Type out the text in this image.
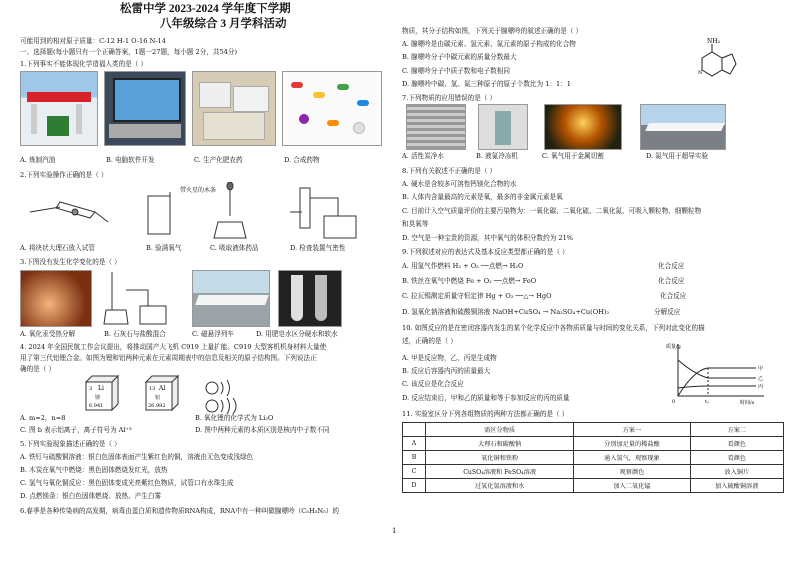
松雷中学 2023-2024 学年度下学期
八年级综合 3 月学科活动
可能用到的相对原子质量：C-12 H-1 O-16 N-14
一、选择题(每小题只有一个正确答案，1题一27题，每小题 2分，共54分)
1.下列事实不能体现化学造福人类的是（ ）
A. 炼制汽油	B. 电脑软件开发	C. 生产化肥农药	D. 合成药物
2.下列实验操作正确的是（ ）
带火星的木条
A. 将块状大理石放入试管	B. 验满氧气	C. 吸取液体药品	D. 检查装置气密性
3.下图没有发生化学变化的是（ ）
A. 氧化汞受热分解	B. 石灰石与盐酸混合	C. 磁悬浮列车	D. 用肥皂水区分硬水和软水
4. 2024 年全国民航工作会议提出，将推动国产大飞机 C919 上量扩能。C919 大型客机机身材料大量使
用了第三代铝锂合金。如图为锂和铝两种元素在元素周期表中的信息及相关的原子结构图。下列说法正
确的是（ ）
3 Li
锂
6.941
13 Al
铝
26.982
A. m=2，n=8	B. 氧化锂的化学式为 Li₂O
C. 图 b 表示铝离子，离子符号为 Al⁺³	D. 图中两种元素的本质区别是核内中子数不同
5.下列实验现象描述正确的是（ ）
A. 铁钉与硫酸铜溶液：银白色固体表面产生紫红色的铜，溶液由无色变成浅绿色
B. 木炭在氧气中燃烧：黑色固体燃烧发红光，放热
C. 氢气与氧化铜反应：黑色固体变成光亮紫红色物质，试管口有水珠生成
D. 点燃镁条：银白色固体燃烧、放热、产生白雾
6.春季是各种传染病的高发期，病毒由蛋白质和遗传物质RNA构成，RNA中有一种叫做腺嘌呤（C₅H₅N₅）的
物质，其分子结构如图，下列关于腺嘌呤的叙述正确的是（ ）
A. 腺嘌呤是由碳元素、氢元素、氮元素的原子构成的化合物
B. 腺嘌呤分子中碳元素的质量分数最大
C. 腺嘌呤分子中质子数和电子数相同
D. 腺嘌呤中碳、氢、氮三种原子的原子个数比为 1：1：1
NH₂
N
7.下列物质的应用错误的是（ ）
A. 活性炭净水	B. 液氮冷冻机	C. 氧气用于金属切割	D. 氮气用于超导实验
8.下列有关叙述不正确的是（ ）
A. 硬水是含较多可溶性钙镁化合物的水
B. 人体内含量最高的元素是氧，最多的非金属元素是氧
C. 目前计入空气质量评价的主要污染物为：一氧化碳、二氧化硫、二氧化氮、可吸入颗粒物、细颗粒物
和臭氧等
D. 空气是一种宝贵的资源，其中氧气的体积分数约为 21%
9.下列叙述对应的表达式及基本反应类型都正确的是（ ）
A. 用氢气作燃料 H₂ + O₂ ──点燃→ H₂O	化合反应
B. 铁丝在氧气中燃烧 Fe + O₂ ──点燃→ FeO	化合反应
C. 拉瓦锡测定质量守恒定律 Hg + O₂ ──△→ HgO	化合反应
D. 氢氧化钠溶液和硫酸铜溶液 NaOH+CuSO₄ → Na₂SO₄+Cu(OH)₂	分解反应
10. 如图反应的是在密闭容器内发生的某个化学反应中各物质质量与时间的变化关系，下列对此变化的描
述，正确的是（ ）
A. 甲是反应物，乙、丙是生成物
B. 反应后容器内丙的质量最大
C. 该反应是化合反应
D. 反应结束后，甲和乙的质量和等于参加反应的丙的质量
质量/g
时间/s
甲
乙
丙
0	t₁
11. 实验室区分下列各组物质的两种方法都正确的是（ ）
	需区分物质	方案一	方案二
A	大理石和碳酸钠	分别加足量的稀盐酸	看颜色
B	氧化铜和铁粉	通入氢气，观察现象	看颜色
C	CuSO₄溶液和 FeSO₄溶液	观察颜色	放入铜片
D	过氧化氢溶液和水	加入二氧化锰	加入硫酸铜溶液
1
